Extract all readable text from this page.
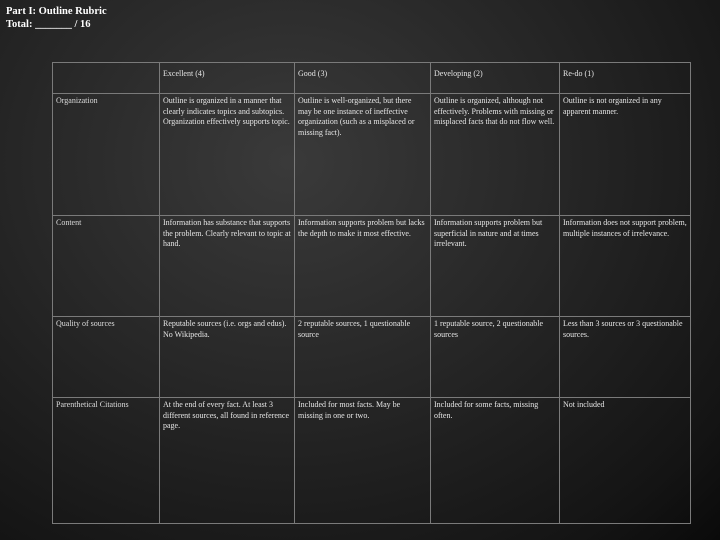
Part I: Outline Rubric
Total: _______ / 16
	Excellent (4)	Good (3)	Developing (2)	Re-do (1)
Organization	Outline is organized in a manner that clearly indicates topics and subtopics. Organization effectively supports topic.	Outline is well-organized, but there may be one instance of ineffective organization (such as a misplaced or missing fact).	Outline is organized, although not effectively. Problems with missing or misplaced facts that do not flow well.	Outline is not organized in any apparent manner.
Content	Information has substance that supports the problem. Clearly relevant to topic at hand.	Information supports problem but lacks the depth to make it most effective.	Information supports problem but superficial in nature and at times irrelevant.	Information does not support problem, multiple instances of irrelevance.
Quality of sources	Reputable sources (i.e. orgs and edus). No Wikipedia.	2 reputable sources, 1 questionable source	1 reputable source, 2 questionable sources	Less than 3 sources or 3 questionable sources.
Parenthetical Citations	At the end of every fact. At least 3 different sources, all found in reference page.	Included for most facts. May be missing in one or two.	Included for some facts, missing often.	Not included
